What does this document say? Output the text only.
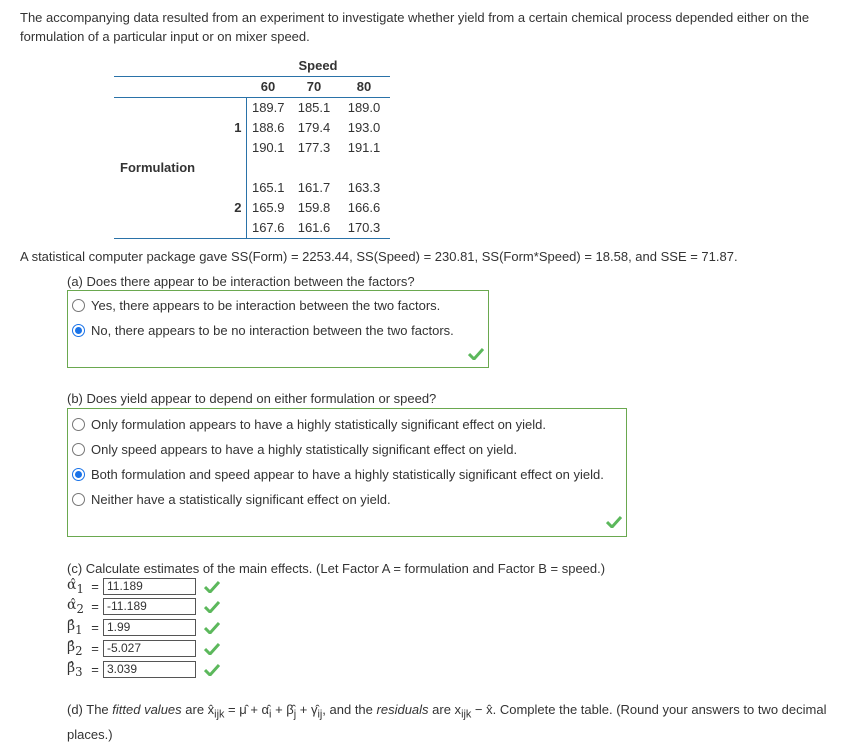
The accompanying data resulted from an experiment to investigate whether yield from a certain chemical process depended either on the formulation of a particular input or on mixer speed.
			Speed		
			60	70	80
			189.7	185.1	189.0
		1	188.6	179.4	193.0
			190.1	177.3	191.1
Formulation					
			165.1	161.7	163.3
		2	165.9	159.8	166.6
			167.6	161.6	170.3
A statistical computer package gave SS(Form) = 2253.44, SS(Speed) = 230.81, SS(Form*Speed) = 18.58, and SSE = 71.87.
(a) Does there appear to be interaction between the factors?
Yes, there appears to be interaction between the two factors.
No, there appears to be no interaction between the two factors.
(b) Does yield appear to depend on either formulation or speed?
Only formulation appears to have a highly statistically significant effect on yield.
Only speed appears to have a highly statistically significant effect on yield.
Both formulation and speed appear to have a highly statistically significant effect on yield.
Neither have a statistically significant effect on yield.
(c) Calculate estimates of the main effects. (Let Factor A = formulation and Factor B = speed.)
$\alphâ_1 = 11.189$
$\alphâ_2 = -11.189$
$\betâ_1 = 1.99$
$\betâ_2 = -5.027$
$\betâ_3 = 3.039$
(d) The fitted values are $x̂_{ijk}$ = μ̂ + $\alphâ_i$ + $\betâ_j$ + $\gammâ_{ij}$, and the residuals are $x_{ijk}$ − x̂. Complete the table. (Round your answers to two decimal places.)
